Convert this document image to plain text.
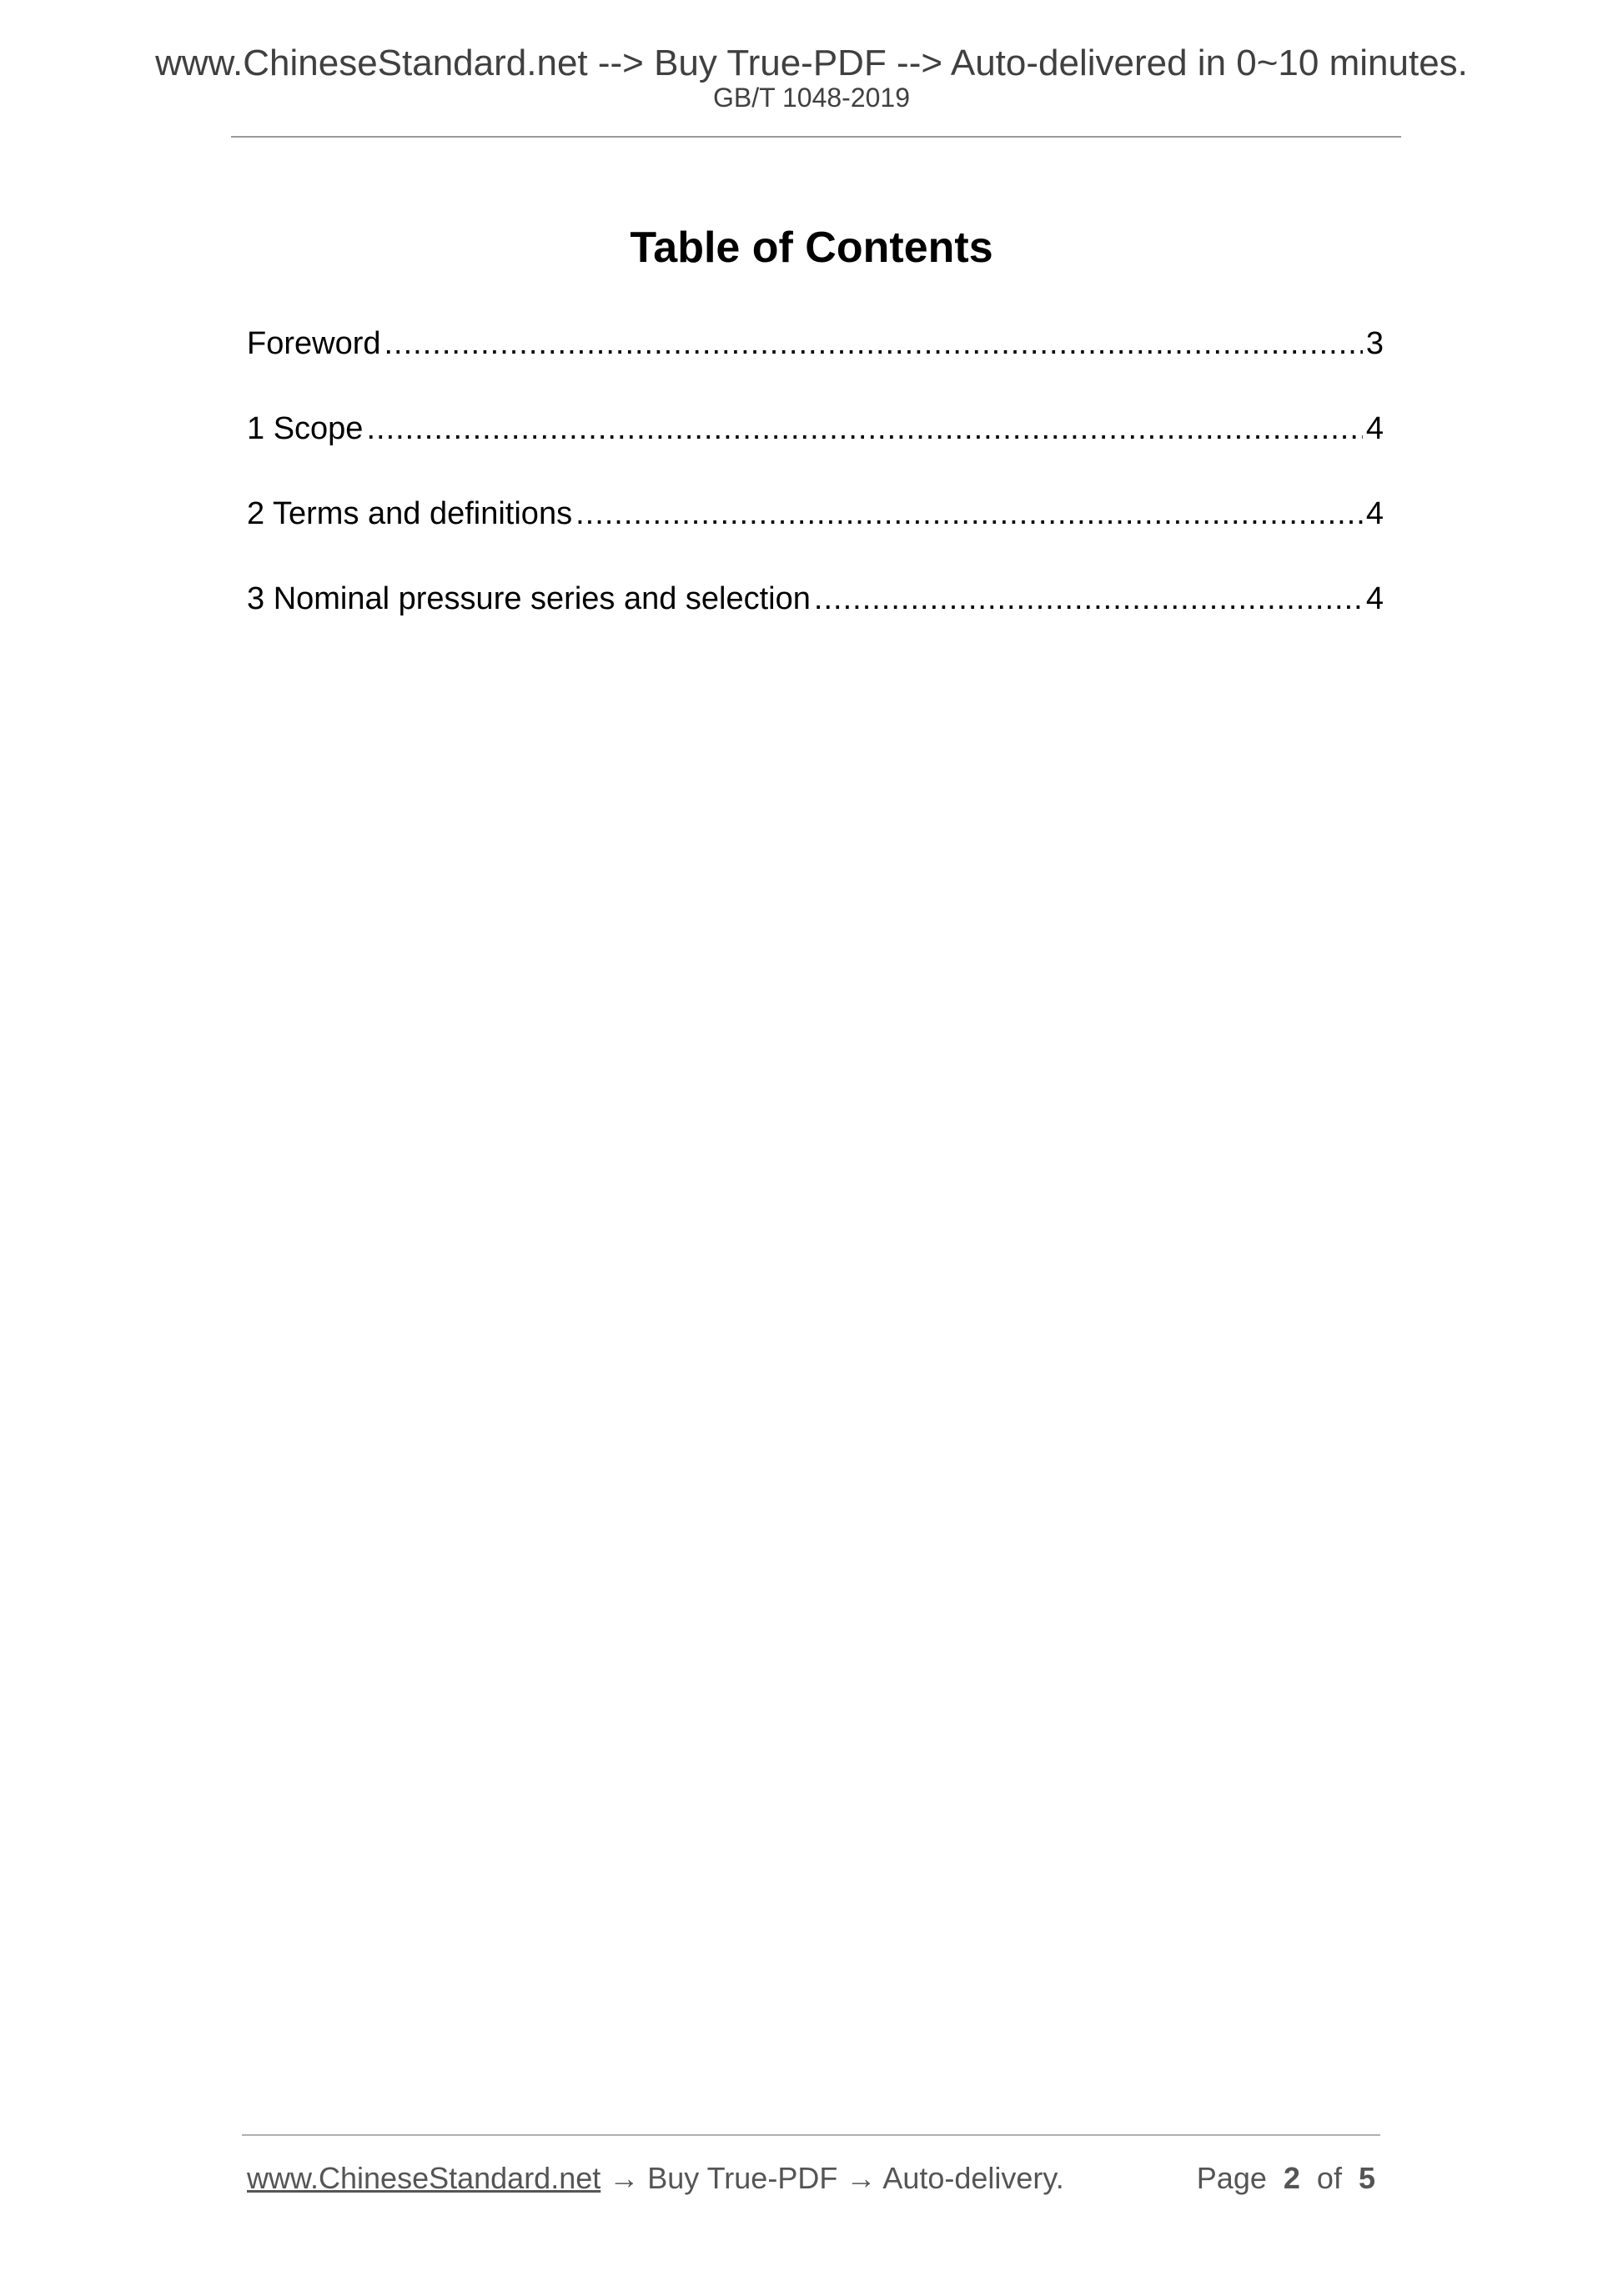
www.ChineseStandard.net --> Buy True-PDF --> Auto-delivered in 0~10 minutes.
GB/T 1048-2019
Table of Contents
Foreword .....	3
1 Scope .....	4
2 Terms and definitions .....	4
3 Nominal pressure series and selection .....	4
www.ChineseStandard.net → Buy True-PDF → Auto-delivery.	Page 2 of 5
